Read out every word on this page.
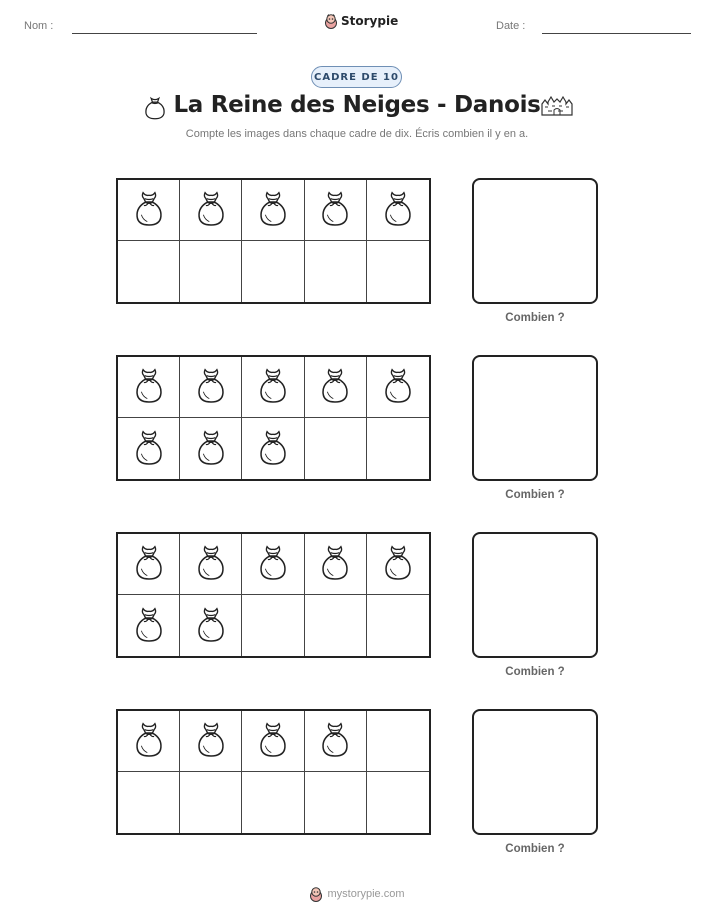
Nom :	Storypie	Date :
CADRE DE 10
La Reine des Neiges - Danois
Compte les images dans chaque cadre de dix. Écris combien il y en a.
Combien ?
Combien ?
Combien ?
Combien ?
mystorypie.com
